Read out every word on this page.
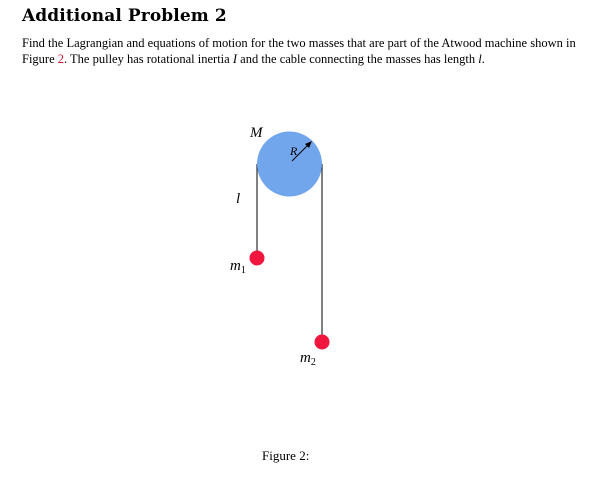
Additional Problem 2
Find the Lagrangian and equations of motion for the two masses that are part of the Atwood machine shown in Figure 2. The pulley has rotational inertia I and the cable connecting the masses has length l.
R
M
l
$m_1$
$m_2$
Figure 2:
